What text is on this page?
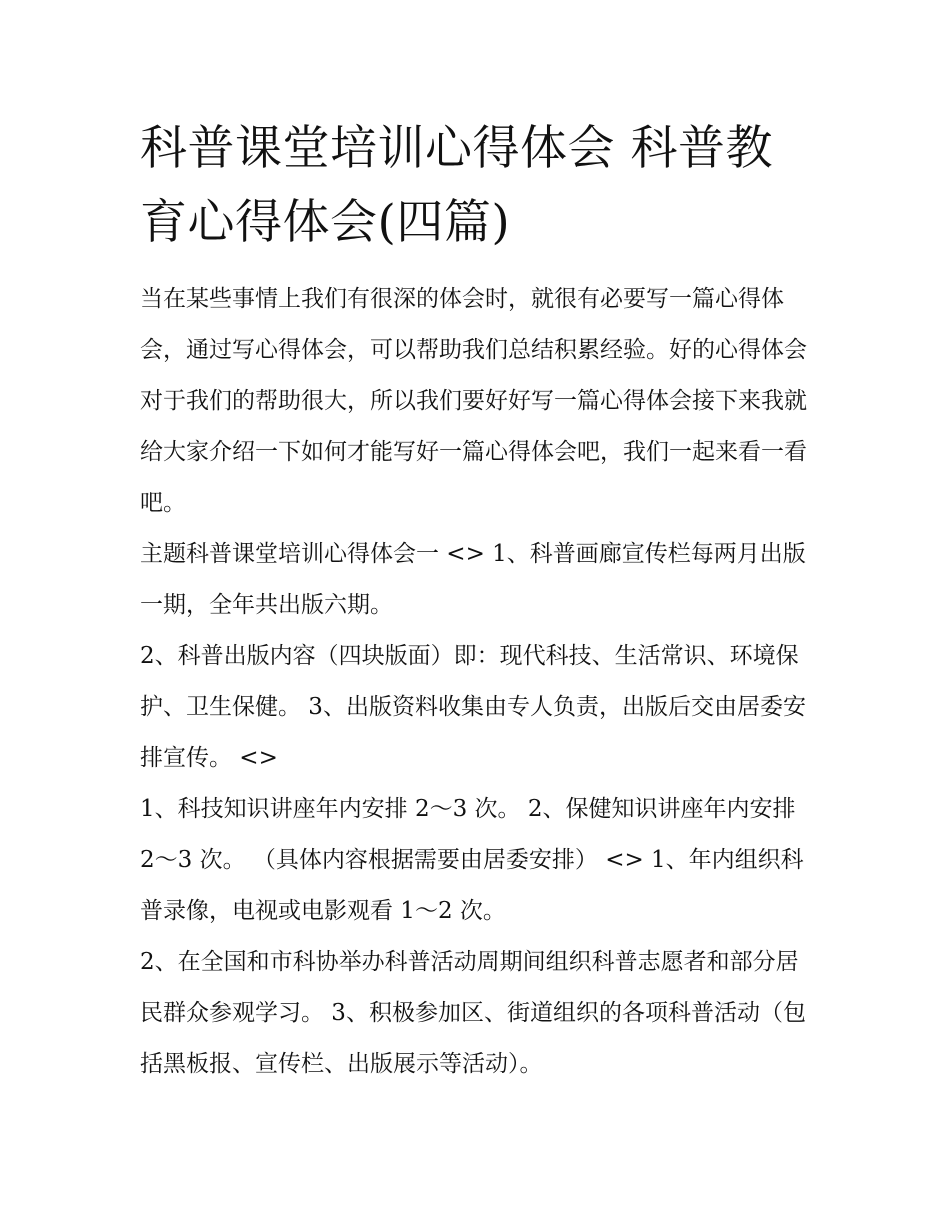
科普课堂培训心得体会 科普教育心得体会(四篇)

当在某些事情上我们有很深的体会时，就很有必要写一篇心得体会，通过写心得体会，可以帮助我们总结积累经验。好的心得体会对于我们的帮助很大，所以我们要好好写一篇心得体会接下来我就给大家介绍一下如何才能写好一篇心得体会吧，我们一起来看一看吧。

主题科普课堂培训心得体会一 <> 1、科普画廊宣传栏每两月出版一期，全年共出版六期。

2、科普出版内容（四块版面）即：现代科技、生活常识、环境保护、卫生保健。 3、出版资料收集由专人负责，出版后交由居委安排宣传。 <>

1、科技知识讲座年内安排 2～3 次。 2、保健知识讲座年内安排 2～3 次。 （具体内容根据需要由居委安排） <> 1、年内组织科普录像，电视或电影观看 1～2 次。

2、在全国和市科协举办科普活动周期间组织科普志愿者和部分居民群众参观学习。 3、积极参加区、街道组织的各项科普活动（包括黑板报、宣传栏、出版展示等活动）。
